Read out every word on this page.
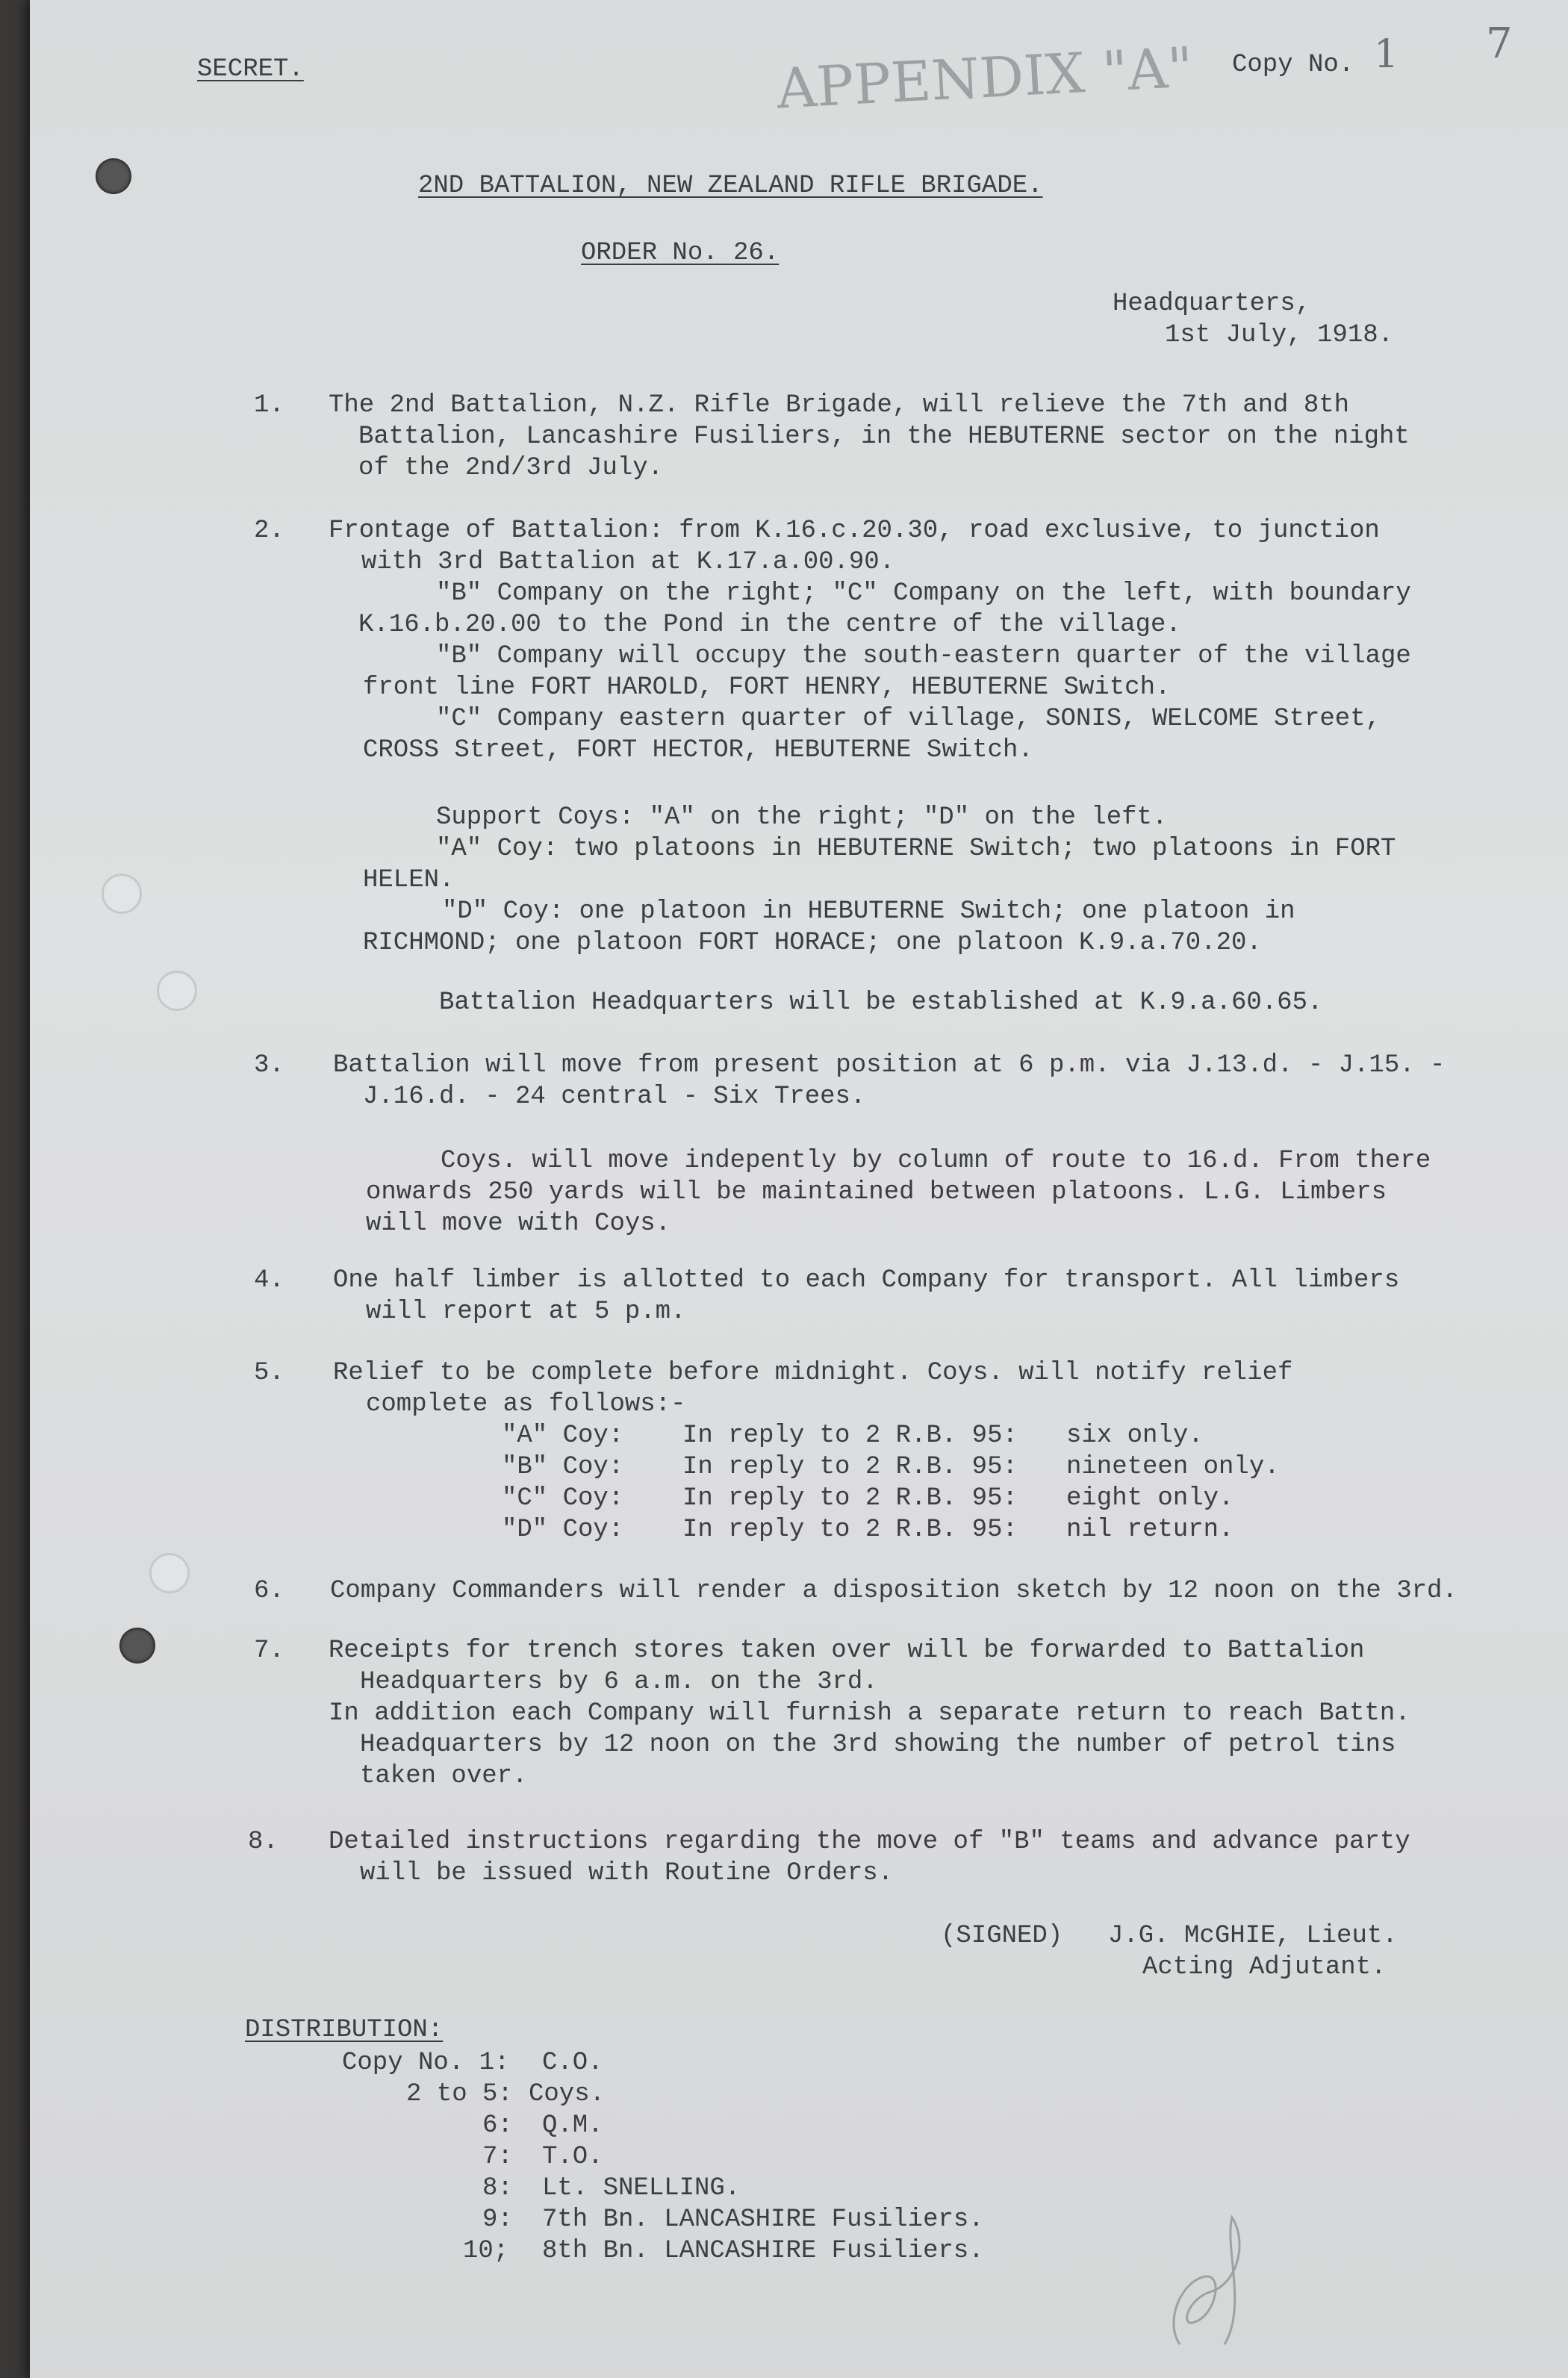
SECRET.	APPENDIX "A" Copy No. 1 7
2ND BATTALION, NEW ZEALAND RIFLE BRIGADE.
ORDER No. 26.
Headquarters,
1st July, 1918.
1. The 2nd Battalion, N.Z. Rifle Brigade, will relieve the 7th and 8th
Battalion, Lancashire Fusiliers, in the HEBUTERNE sector on the night
of the 2nd/3rd July.
2. Frontage of Battalion: from K.16.c.20.30, road exclusive, to junction
with 3rd Battalion at K.17.a.00.90.
"B" Company on the right; "C" Company on the left, with boundary
K.16.b.20.00 to the Pond in the centre of the village.
"B" Company will occupy the south-eastern quarter of the village
front line FORT HAROLD, FORT HENRY, HEBUTERNE Switch.
"C" Company eastern quarter of village, SONIS, WELCOME Street,
CROSS Street, FORT HECTOR, HEBUTERNE Switch.
Support Coys: "A" on the right; "D" on the left.
"A" Coy: two platoons in HEBUTERNE Switch; two platoons in FORT
HELEN.
"D" Coy: one platoon in HEBUTERNE Switch; one platoon in
RICHMOND; one platoon FORT HORACE; one platoon K.9.a.70.20.
Battalion Headquarters will be established at K.9.a.60.65.
3. Battalion will move from present position at 6 p.m. via J.13.d. - J.15. -
J.16.d. - 24 central - Six Trees.
Coys. will move indepently by column of route to 16.d. From there
onwards 250 yards will be maintained between platoons. L.G. Limbers
will move with Coys.
4. One half limber is allotted to each Company for transport. All limbers
will report at 5 p.m.
5. Relief to be complete before midnight. Coys. will notify relief
complete as follows:-
"A" Coy: In reply to 2 R.B. 95: six only.
"B" Coy: In reply to 2 R.B. 95: nineteen only.
"C" Coy: In reply to 2 R.B. 95: eight only.
"D" Coy: In reply to 2 R.B. 95: nil return.
6. Company Commanders will render a disposition sketch by 12 noon on the 3rd.
7. Receipts for trench stores taken over will be forwarded to Battalion
Headquarters by 6 a.m. on the 3rd.
In addition each Company will furnish a separate return to reach Battn.
Headquarters by 12 noon on the 3rd showing the number of petrol tins
taken over.
8. Detailed instructions regarding the move of "B" teams and advance party
will be issued with Routine Orders.
(SIGNED) J.G. McGHIE, Lieut.
Acting Adjutant.
DISTRIBUTION:
Copy No. 1: C.O.
2 to 5: Coys.
6: Q.M.
7: T.O.
8: Lt. SNELLING.
9: 7th Bn. LANCASHIRE Fusiliers.
10; 8th Bn. LANCASHIRE Fusiliers.
